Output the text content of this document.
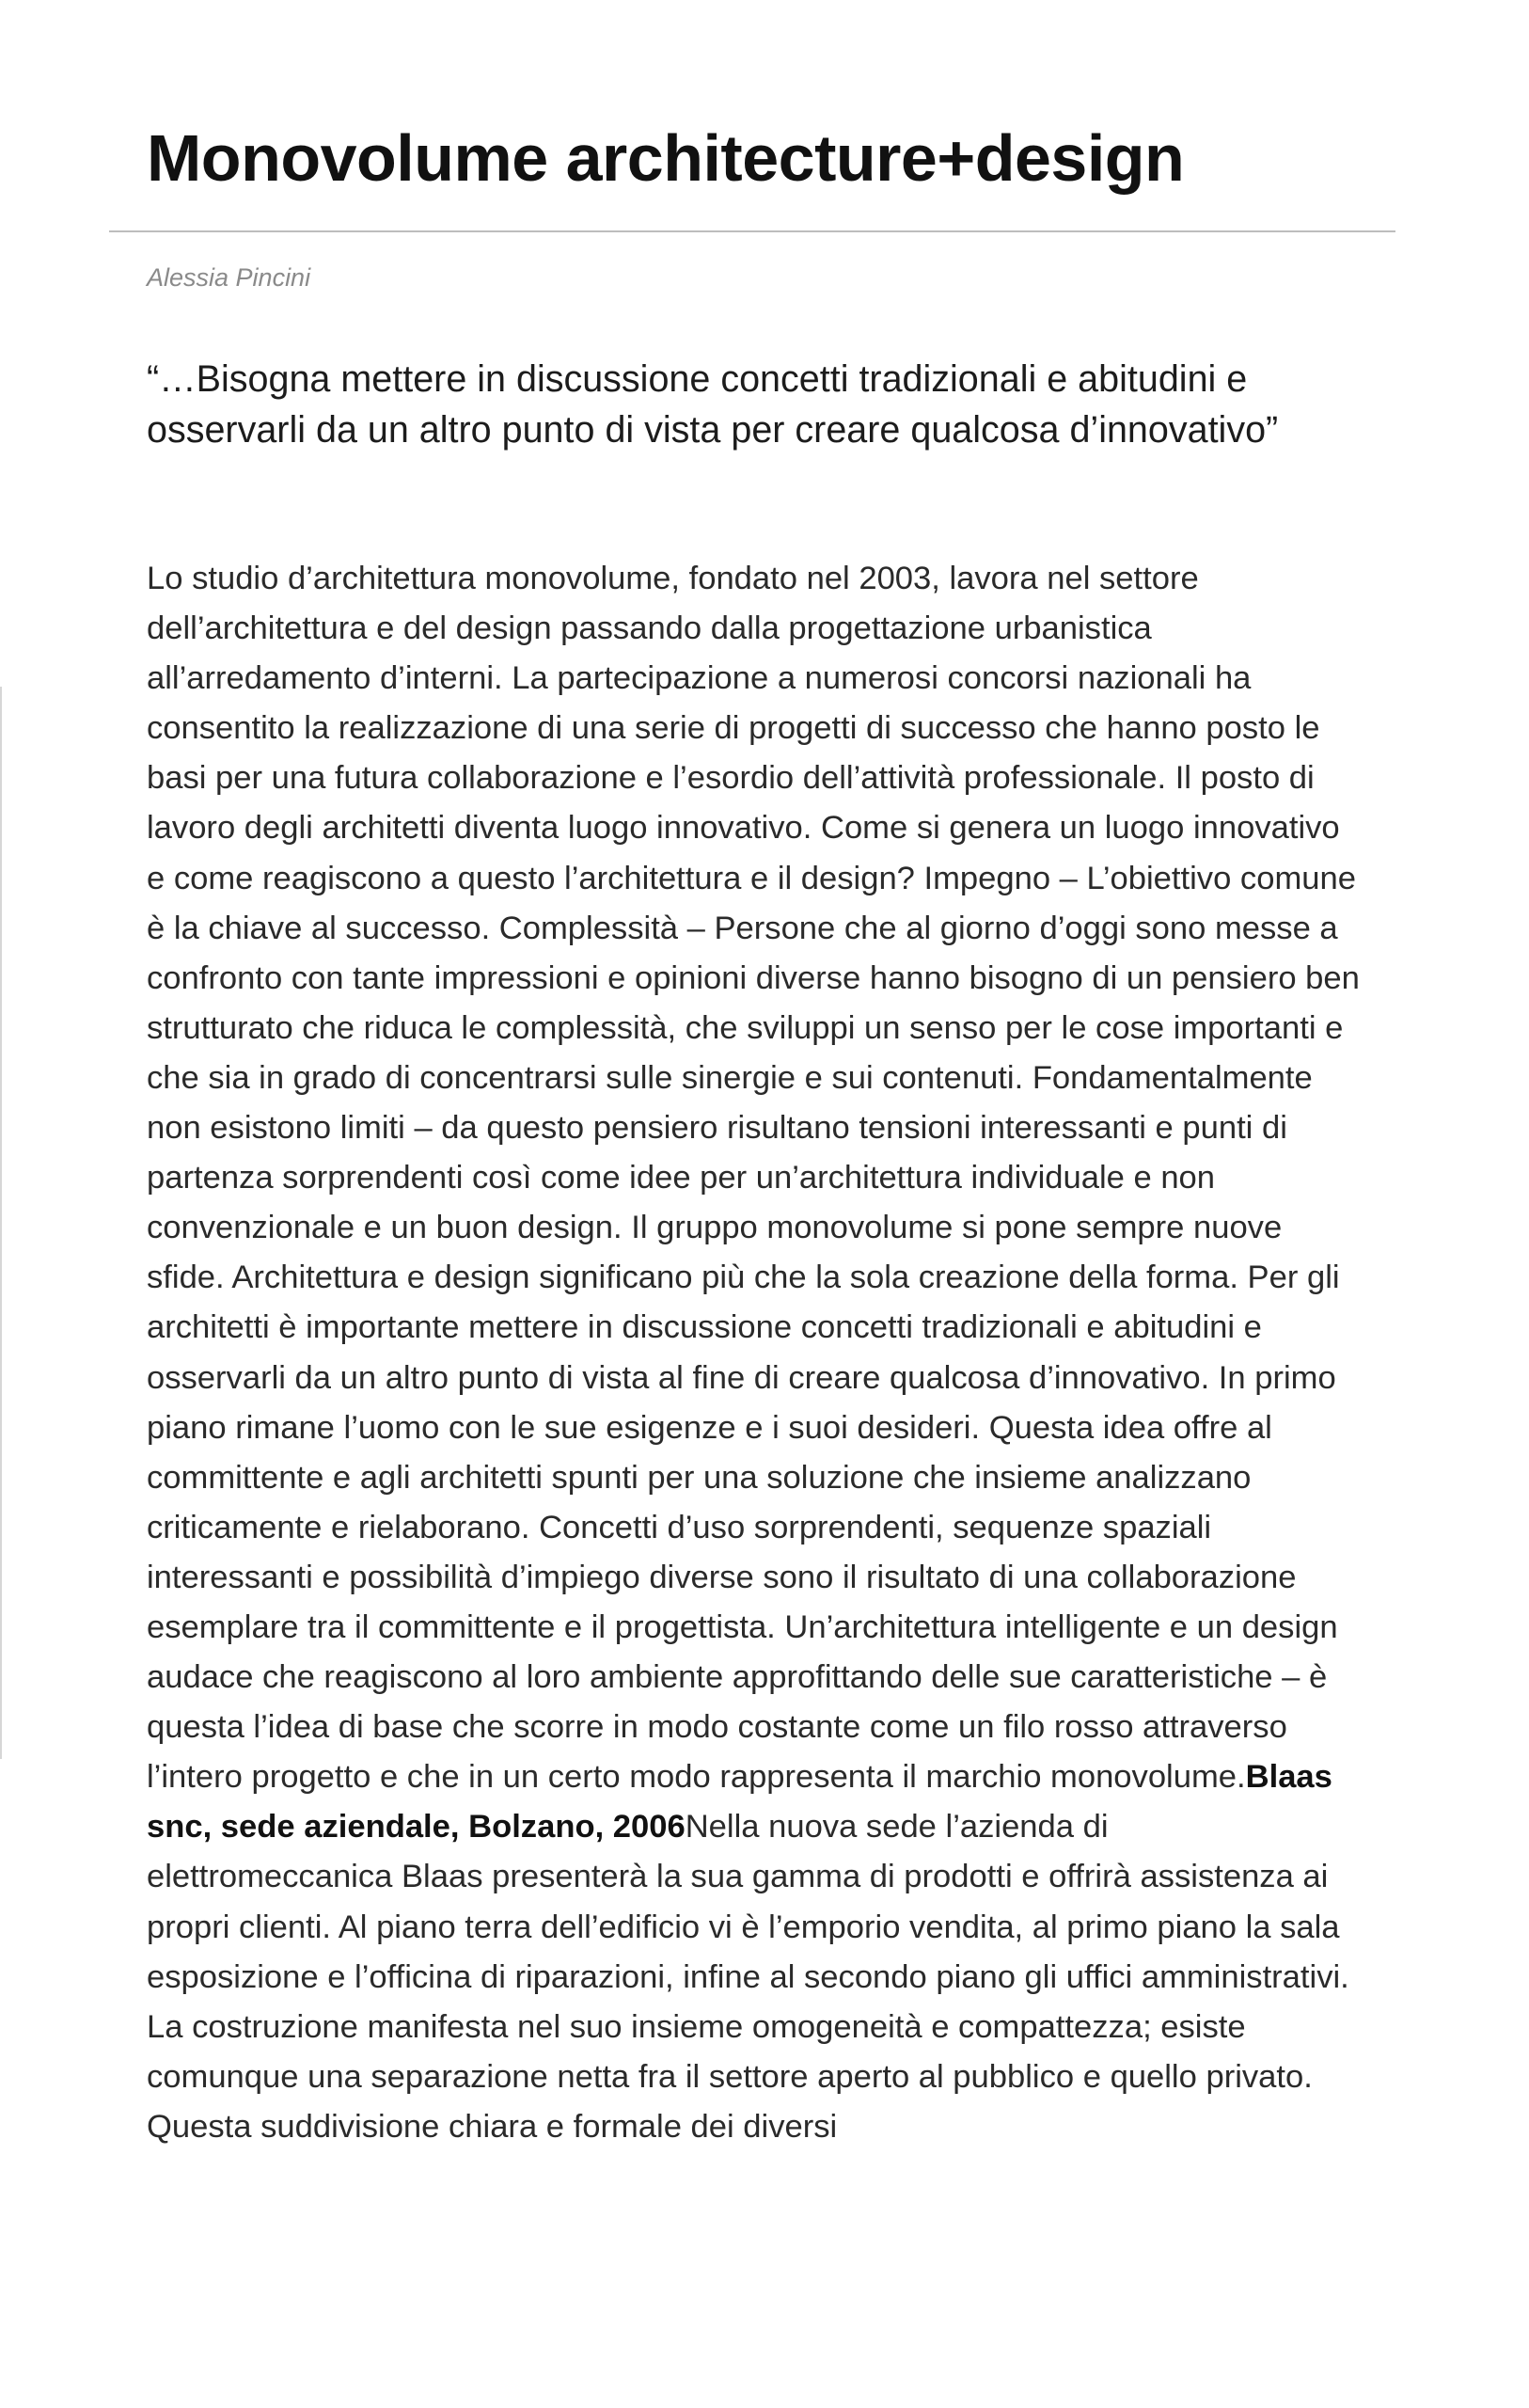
Monovolume architecture+design

Alessia Pincini

“…Bisogna mettere in discussione concetti tradizionali e abitudini e osservarli da un altro punto di vista per creare qualcosa d’innovativo”

Lo studio d’architettura monovolume, fondato nel 2003, lavora nel settore dell’architettura e del design passando dalla progettazione urbanistica all’arredamento d’interni. La partecipazione a numerosi concorsi nazionali ha consentito la realizzazione di una serie di progetti di successo che hanno posto le basi per una futura collaborazione e l’esordio dell’attività professionale. Il posto di lavoro degli architetti diventa luogo innovativo. Come si genera un luogo innovativo e come reagiscono a questo l’architettura e il design? Impegno – L’obiettivo comune è la chiave al successo. Complessità – Persone che al giorno d’oggi sono messe a confronto con tante impressioni e opinioni diverse hanno bisogno di un pensiero ben strutturato che riduca le complessità, che sviluppi un senso per le cose importanti e che sia in grado di concentrarsi sulle sinergie e sui contenuti. Fondamentalmente non esistono limiti – da questo pensiero risultano tensioni interessanti e punti di partenza sorprendenti così come idee per un’architettura individuale e non convenzionale e un buon design. Il gruppo monovolume si pone sempre nuove sfide. Architettura e design significano più che la sola creazione della forma. Per gli architetti è importante mettere in discussione concetti tradizionali e abitudini e osservarli da un altro punto di vista al fine di creare qualcosa d’innovativo. In primo piano rimane l’uomo con le sue esigenze e i suoi desideri. Questa idea offre al committente e agli architetti spunti per una soluzione che insieme analizzano criticamente e rielaborano. Concetti d’uso sorprendenti, sequenze spaziali interessanti e possibilità d’impiego diverse sono il risultato di una collaborazione esemplare tra il committente e il progettista. Un’architettura intelligente e un design audace che reagiscono al loro ambiente approfittando delle sue caratteristiche – è questa l’idea di base che scorre in modo costante come un filo rosso attraverso l’intero progetto e che in un certo modo rappresenta il marchio monovolume.Blaas snc, sede aziendale, Bolzano, 2006Nella nuova sede l’azienda di elettromeccanica Blaas presenterà la sua gamma di prodotti e offrirà assistenza ai propri clienti. Al piano terra dell’edificio vi è l’emporio vendita, al primo piano la sala esposizione e l’officina di riparazioni, infine al secondo piano gli uffici amministrativi. La costruzione manifesta nel suo insieme omogeneità e compattezza; esiste comunque una separazione netta fra il settore aperto al pubblico e quello privato. Questa suddivisione chiara e formale dei diversi
